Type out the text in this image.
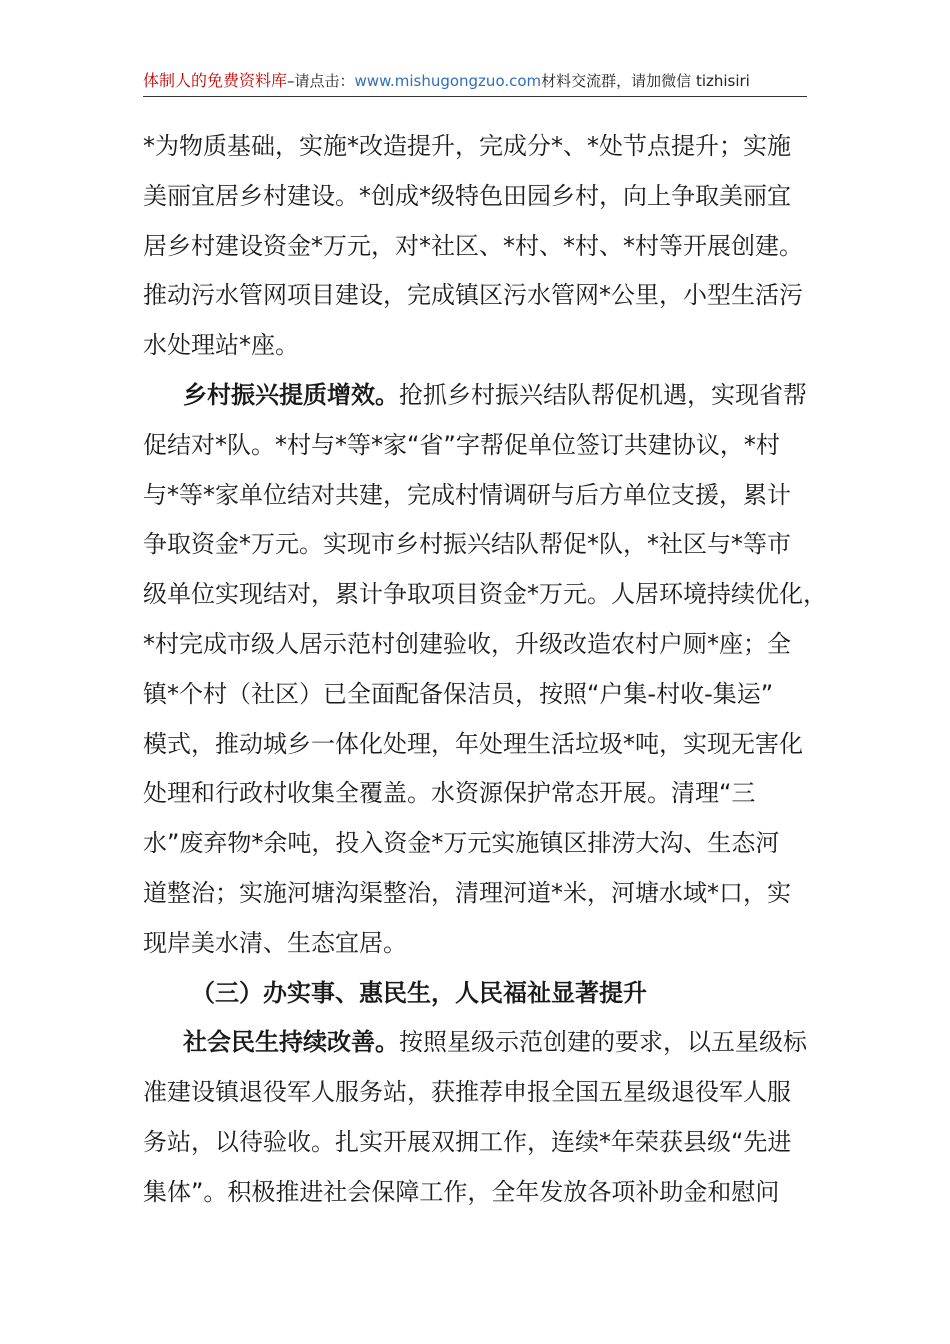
体制人的免费资料库–请点击：www.mishugongzuo.com材料交流群，请加微信 tizhisiri
*为物质基础，实施*改造提升，完成分*、*处节点提升；实施
美丽宜居乡村建设。*创成*级特色田园乡村，向上争取美丽宜
居乡村建设资金*万元，对*社区、*村、*村、*村等开展创建。
推动污水管网项目建设，完成镇区污水管网*公里，小型生活污
水处理站*座。
乡村振兴提质增效。抢抓乡村振兴结队帮促机遇，实现省帮
促结对*队。*村与*等*家“省”字帮促单位签订共建协议，*村
与*等*家单位结对共建，完成村情调研与后方单位支援，累计
争取资金*万元。实现市乡村振兴结队帮促*队，*社区与*等市
级单位实现结对，累计争取项目资金*万元。人居环境持续优化，
*村完成市级人居示范村创建验收，升级改造农村户厕*座；全
镇*个村（社区）已全面配备保洁员，按照“户集-村收-集运”
模式，推动城乡一体化处理，年处理生活垃圾*吨，实现无害化
处理和行政村收集全覆盖。水资源保护常态开展。清理“三
水”废弃物*余吨，投入资金*万元实施镇区排涝大沟、生态河
道整治；实施河塘沟渠整治，清理河道*米，河塘水域*口，实
现岸美水清、生态宜居。
（三）办实事、惠民生，人民福祉显著提升
社会民生持续改善。按照星级示范创建的要求，以五星级标
准建设镇退役军人服务站，获推荐申报全国五星级退役军人服
务站，以待验收。扎实开展双拥工作，连续*年荣获县级“先进
集体”。积极推进社会保障工作，全年发放各项补助金和慰问
